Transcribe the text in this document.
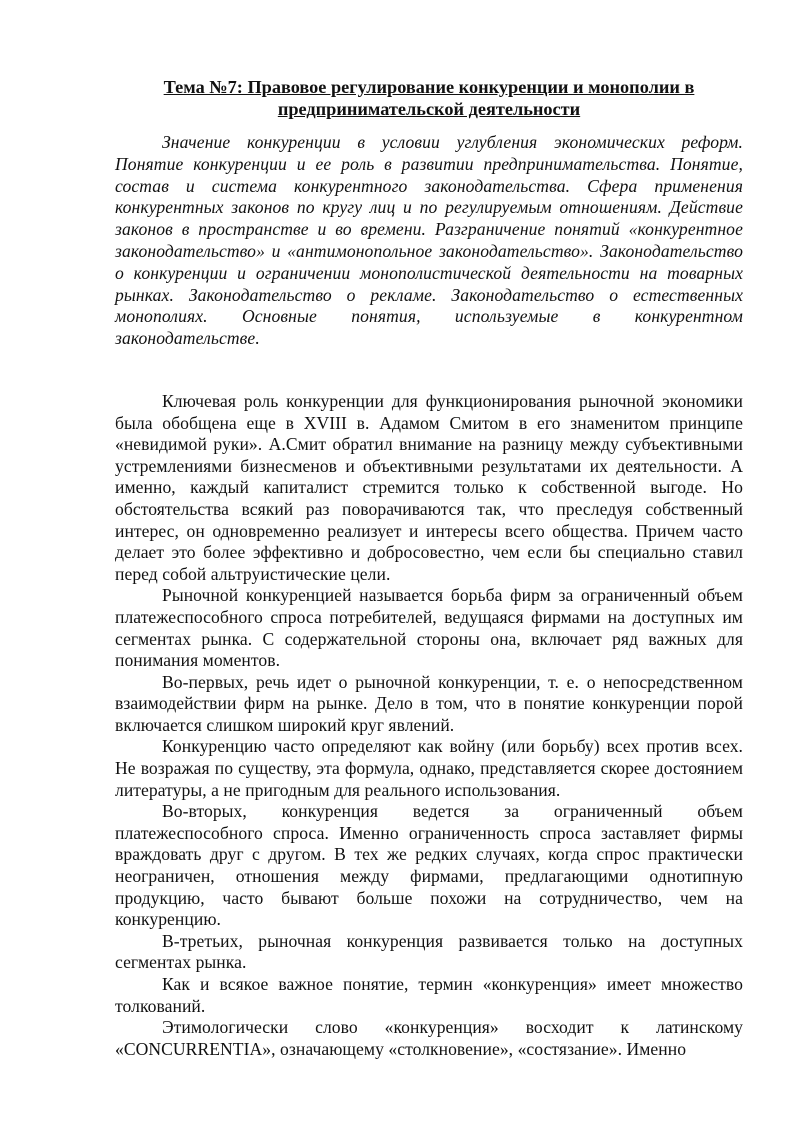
Тема №7: Правовое регулирование конкуренции и монополии в предпринимательской деятельности

Значение конкуренции в условии углубления экономических реформ. Понятие конкуренции и ее роль в развитии предпринимательства. Понятие, состав и система конкурентного законодательства. Сфера применения конкурентных законов по кругу лиц и по регулируемым отношениям. Действие законов в пространстве и во времени. Разграничение понятий «конкурентное законодательство» и «антимонопольное законодательство». Законодательство о конкуренции и ограничении монополистической деятельности на товарных рынках. Законодательство о рекламе. Законодательство о естественных монополиях. Основные понятия, используемые в конкурентном законодательстве.

Ключевая роль конкуренции для функционирования рыночной экономики была обобщена еще в XVIII в. Адамом Смитом в его знаменитом принципе «невидимой руки». А.Смит обратил внимание на разницу между субъективными устремлениями бизнесменов и объективными результатами их деятельности. А именно, каждый капиталист стремится только к собственной выгоде. Но обстоятельства всякий раз поворачиваются так, что преследуя собственный интерес, он одновременно реализует и интересы всего общества. Причем часто делает это более эффективно и добросовестно, чем если бы специально ставил перед собой альтруистические цели.

Рыночной конкуренцией называется борьба фирм за ограниченный объем платежеспособного спроса потребителей, ведущаяся фирмами на доступных им сегментах рынка. С содержательной стороны она, включает ряд важных для понимания моментов.

Во-первых, речь идет о рыночной конкуренции, т. е. о непосредственном взаимодействии фирм на рынке. Дело в том, что в понятие конкуренции порой включается слишком широкий круг явлений.

Конкуренцию часто определяют как войну (или борьбу) всех против всех. Не возражая по существу, эта формула, однако, представляется скорее достоянием литературы, а не пригодным для реального использования.

Во-вторых, конкуренция ведется за ограниченный объем платежеспособного спроса. Именно ограниченность спроса заставляет фирмы враждовать друг с другом. В тех же редких случаях, когда спрос практически неограничен, отношения между фирмами, предлагающими однотипную продукцию, часто бывают больше похожи на сотрудничество, чем на конкуренцию.

В-третьих, рыночная конкуренция развивается только на доступных сегментах рынка.

Как и всякое важное понятие, термин «конкуренция» имеет множество толкований.

Этимологически слово «конкуренция» восходит к латинскому «CONCURRENTIA», означающему «столкновение», «состязание». Именно
